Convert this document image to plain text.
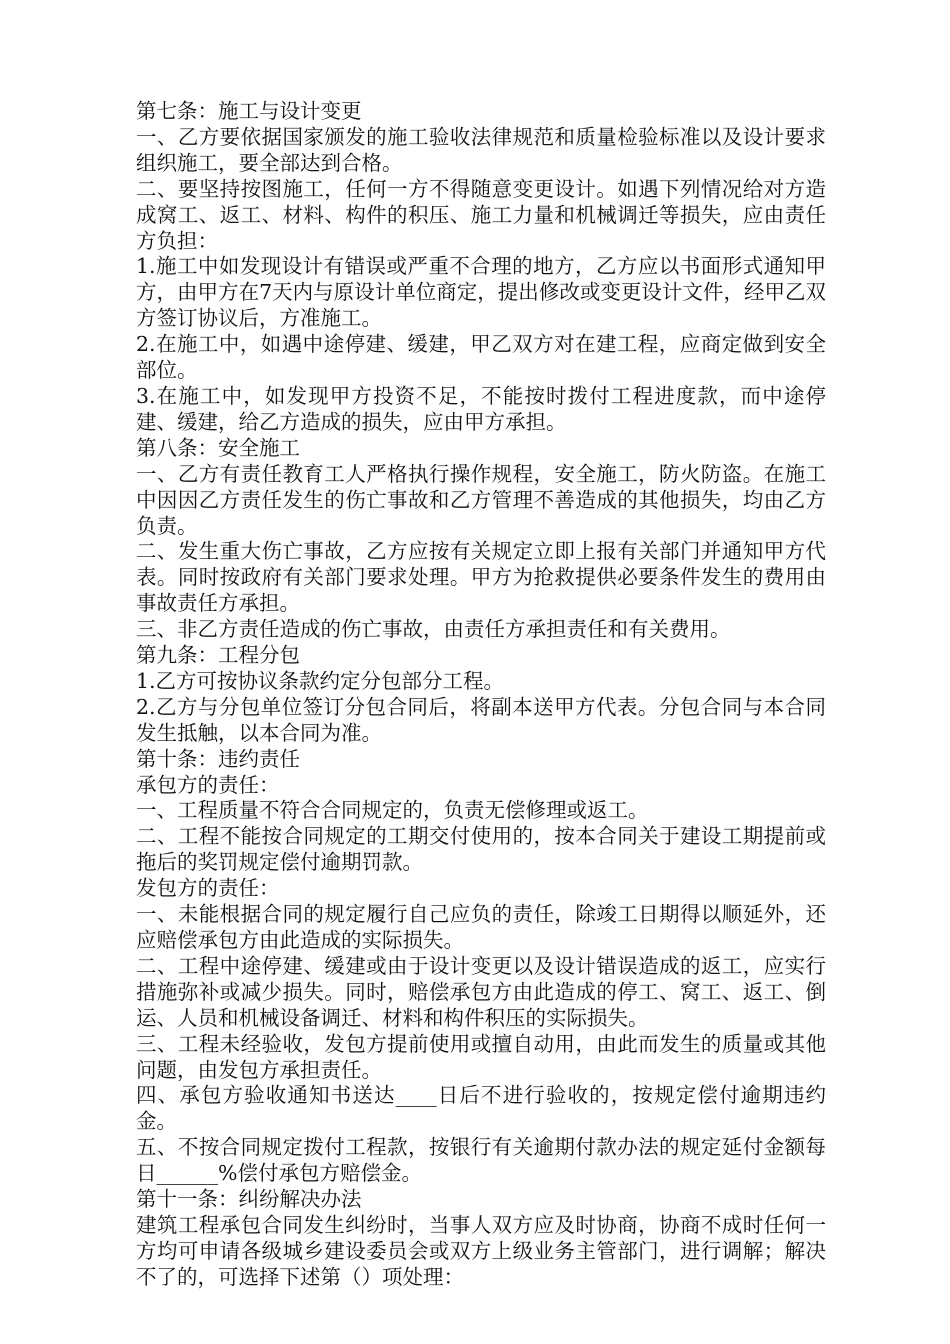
第七条：施工与设计变更

一、乙方要依据国家颁发的施工验收法律规范和质量检验标准以及设计要求组织施工，要全部达到合格。

二、要坚持按图施工，任何一方不得随意变更设计。如遇下列情况给对方造成窝工、返工、材料、构件的积压、施工力量和机械调迁等损失，应由责任方负担：

1.施工中如发现设计有错误或严重不合理的地方，乙方应以书面形式通知甲方，由甲方在7天内与原设计单位商定，提出修改或变更设计文件，经甲乙双方签订协议后，方准施工。

2.在施工中，如遇中途停建、缓建，甲乙双方对在建工程，应商定做到安全部位。

3.在施工中，如发现甲方投资不足，不能按时拨付工程进度款，而中途停建、缓建，给乙方造成的损失，应由甲方承担。

第八条：安全施工

一、乙方有责任教育工人严格执行操作规程，安全施工，防火防盗。在施工中因因乙方责任发生的伤亡事故和乙方管理不善造成的其他损失，均由乙方负责。

二、发生重大伤亡事故，乙方应按有关规定立即上报有关部门并通知甲方代表。同时按政府有关部门要求处理。甲方为抢救提供必要条件发生的费用由事故责任方承担。

三、非乙方责任造成的伤亡事故，由责任方承担责任和有关费用。

第九条：工程分包

1.乙方可按协议条款约定分包部分工程。

2.乙方与分包单位签订分包合同后，将副本送甲方代表。分包合同与本合同发生抵触，以本合同为准。

第十条：违约责任

承包方的责任：

一、工程质量不符合合同规定的，负责无偿修理或返工。

二、工程不能按合同规定的工期交付使用的，按本合同关于建设工期提前或拖后的奖罚规定偿付逾期罚款。

发包方的责任：

一、未能根据合同的规定履行自己应负的责任，除竣工日期得以顺延外，还应赔偿承包方由此造成的实际损失。

二、工程中途停建、缓建或由于设计变更以及设计错误造成的返工，应实行措施弥补或减少损失。同时，赔偿承包方由此造成的停工、窝工、返工、倒运、人员和机械设备调迁、材料和构件积压的实际损失。

三、工程未经验收，发包方提前使用或擅自动用，由此而发生的质量或其他问题，由发包方承担责任。

四、承包方验收通知书送达____日后不进行验收的，按规定偿付逾期违约金。

五、不按合同规定拨付工程款，按银行有关逾期付款办法的规定延付金额每日______%偿付承包方赔偿金。

第十一条：纠纷解决办法

建筑工程承包合同发生纠纷时，当事人双方应及时协商，协商不成时任何一方均可申请各级城乡建设委员会或双方上级业务主管部门，进行调解；解决不了的，可选择下述第（）项处理：
